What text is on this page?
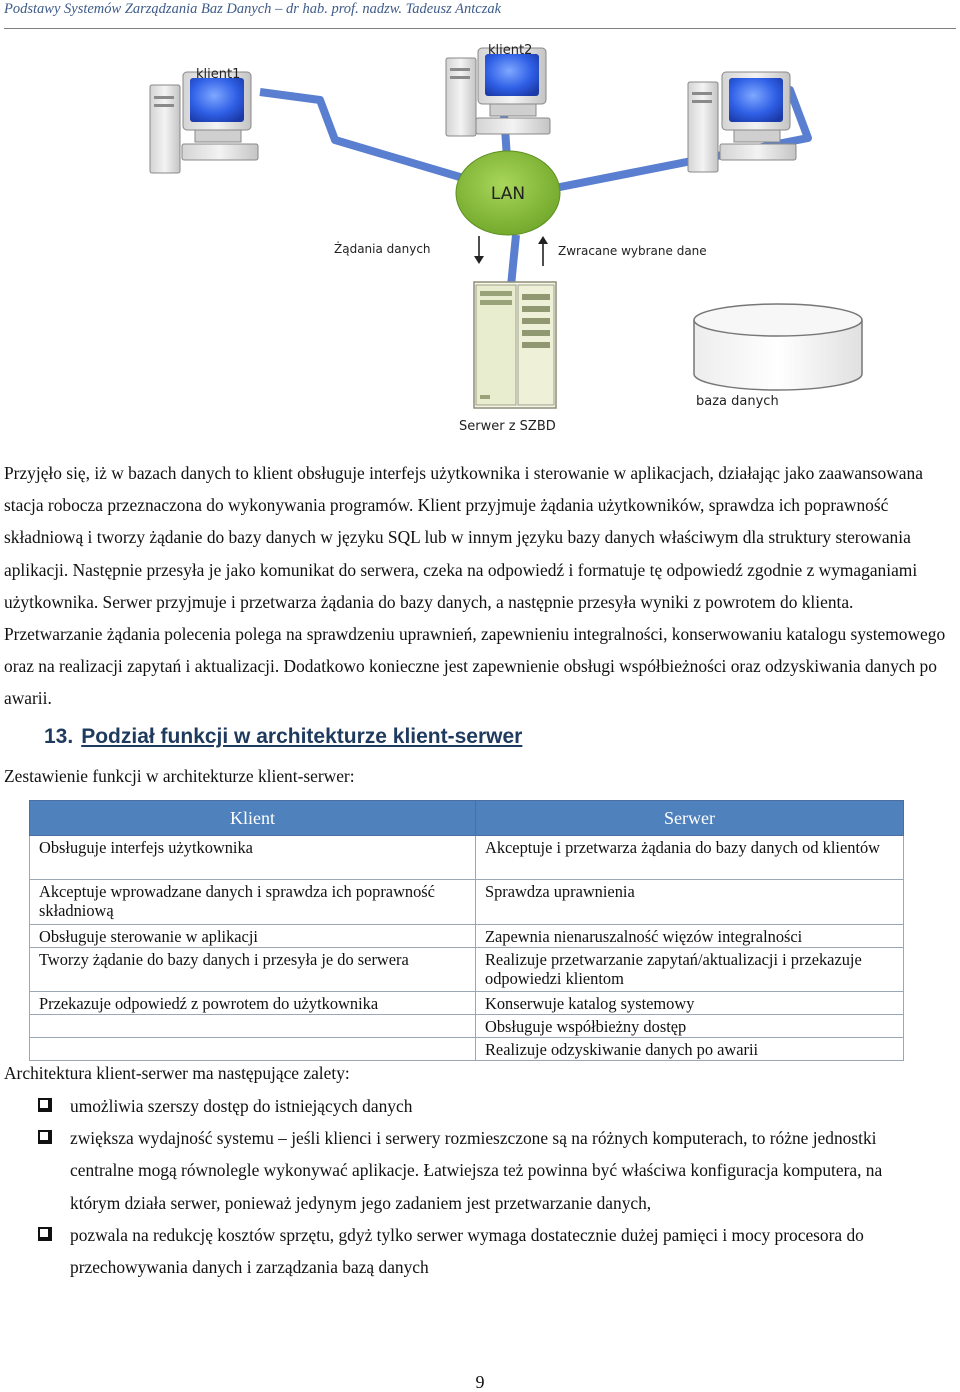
Podstawy Systemów Zarządzania Baz Danych – dr hab. prof. nadzw. Tadeusz Antczak
klient1
klient2
LAN
Żądania danych	Zwracane wybrane dane
Serwer z SZBD
baza danych

Przyjęło się, iż w bazach danych to klient obsługuje interfejs użytkownika i sterowanie w aplikacjach, działając jako zaawansowana stacja robocza przeznaczona do wykonywania programów. Klient przyjmuje żądania użytkowników, sprawdza ich poprawność składniową i tworzy żądanie do bazy danych w języku SQL lub w innym języku bazy danych właściwym dla struktury sterowania aplikacji. Następnie przesyła je jako komunikat do serwera, czeka na odpowiedź i formatuje tę odpowiedź zgodnie z wymaganiami użytkownika. Serwer przyjmuje i przetwarza żądania do bazy danych, a następnie przesyła wyniki z powrotem do klienta. Przetwarzanie żądania polecenia polega na sprawdzeniu uprawnień, zapewnieniu integralności, konserwowaniu katalogu systemowego oraz na realizacji zapytań i aktualizacji. Dodatkowo konieczne jest zapewnienie obsługi współbieżności oraz odzyskiwania danych po awarii.

13. Podział funkcji w architekturze klient-serwer

Zestawienie funkcji w architekturze klient-serwer:

Klient	Serwer
Obsługuje interfejs użytkownika	Akceptuje i przetwarza żądania do bazy danych od klientów
Akceptuje wprowadzane danych i sprawdza ich poprawność składniową	Sprawdza uprawnienia
Obsługuje sterowanie w aplikacji	Zapewnia nienaruszalność więzów integralności
Tworzy żądanie do bazy danych i przesyła je do serwera	Realizuje przetwarzanie zapytań/aktualizacji i przekazuje odpowiedzi klientom
Przekazuje odpowiedź z powrotem do użytkownika	Konserwuje katalog systemowy
	Obsługuje współbieżny dostęp
	Realizuje odzyskiwanie danych po awarii

Architektura klient-serwer ma następujące zalety:

umożliwia szerszy dostęp do istniejących danych
zwiększa wydajność systemu – jeśli klienci i serwery rozmieszczone są na różnych komputerach, to różne jednostki centralne mogą równolegle wykonywać aplikacje. Łatwiejsza też powinna być właściwa konfiguracja komputera, na którym działa serwer, ponieważ jedynym jego zadaniem jest przetwarzanie danych,
pozwala na redukcję kosztów sprzętu, gdyż tylko serwer wymaga dostatecznie dużej pamięci i mocy procesora do przechowywania danych i zarządzania bazą danych
9
